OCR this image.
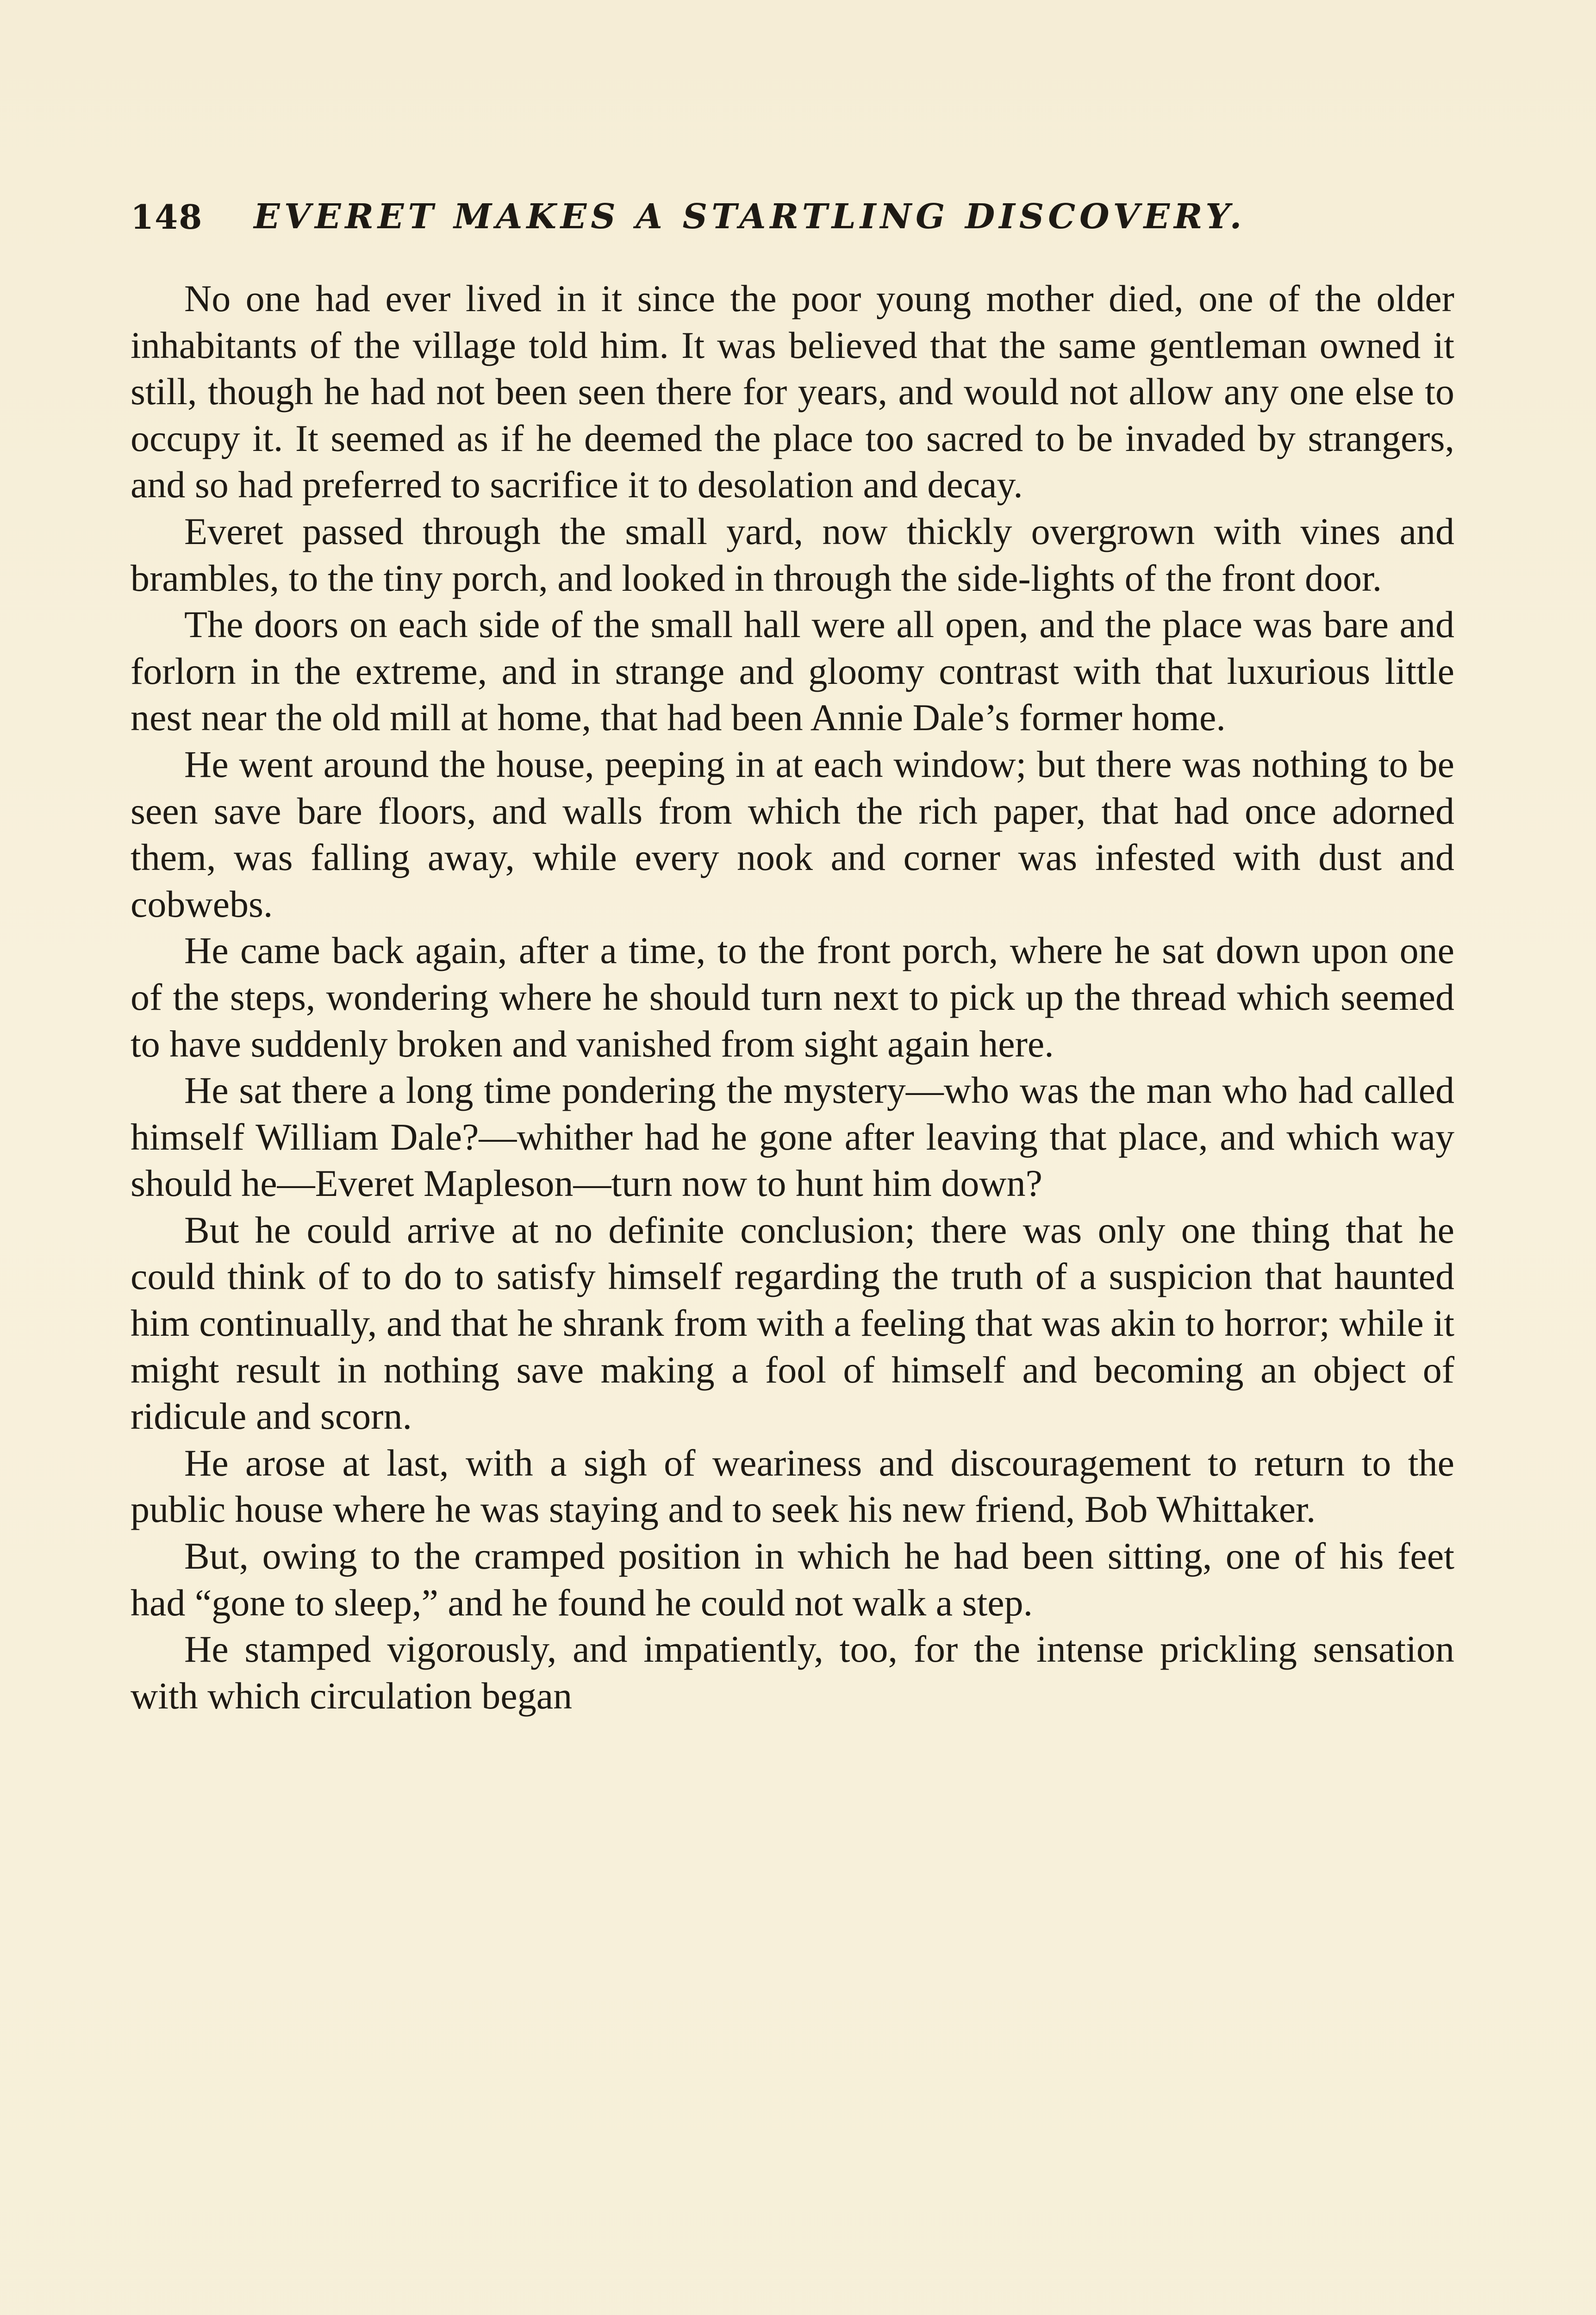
148 EVERET MAKES A STARTLING DISCOVERY.

No one had ever lived in it since the poor young mother died, one of the older inhabitants of the village told him. It was believed that the same gentleman owned it still, though he had not been seen there for years, and would not allow any one else to occupy it. It seemed as if he deemed the place too sacred to be invaded by strangers, and so had preferred to sacrifice it to desolation and decay.

Everet passed through the small yard, now thickly overgrown with vines and brambles, to the tiny porch, and looked in through the side-lights of the front door.

The doors on each side of the small hall were all open, and the place was bare and forlorn in the extreme, and in strange and gloomy contrast with that luxurious little nest near the old mill at home, that had been Annie Dale’s former home.

He went around the house, peeping in at each window; but there was nothing to be seen save bare floors, and walls from which the rich paper, that had once adorned them, was falling away, while every nook and corner was infested with dust and cobwebs.

He came back again, after a time, to the front porch, where he sat down upon one of the steps, wondering where he should turn next to pick up the thread which seemed to have suddenly broken and vanished from sight again here.

He sat there a long time pondering the mystery—who was the man who had called himself William Dale?—whither had he gone after leaving that place, and which way should he—Everet Mapleson—turn now to hunt him down?

But he could arrive at no definite conclusion; there was only one thing that he could think of to do to satisfy himself regarding the truth of a suspicion that haunted him continually, and that he shrank from with a feeling that was akin to horror; while it might result in nothing save making a fool of himself and becoming an object of ridicule and scorn.

He arose at last, with a sigh of weariness and discouragement to return to the public house where he was staying and to seek his new friend, Bob Whittaker.

But, owing to the cramped position in which he had been sitting, one of his feet had “gone to sleep,” and he found he could not walk a step.

He stamped vigorously, and impatiently, too, for the intense prickling sensation with which circulation began
